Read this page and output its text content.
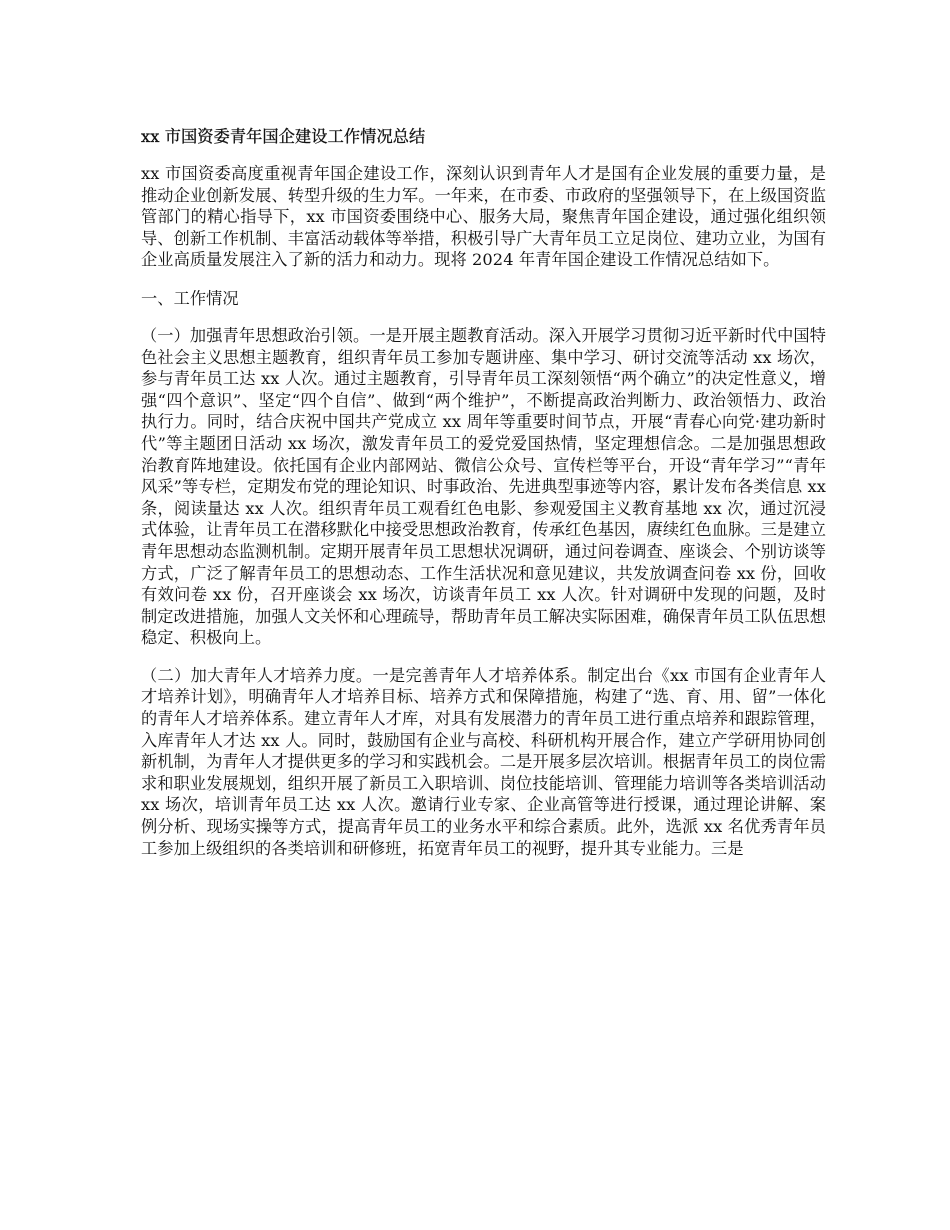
xx 市国资委青年国企建设工作情况总结

xx 市国资委高度重视青年国企建设工作，深刻认识到青年人才是国有企业发展的重要力量，是推动企业创新发展、转型升级的生力军。一年来，在市委、市政府的坚强领导下，在上级国资监管部门的精心指导下，xx 市国资委围绕中心、服务大局，聚焦青年国企建设，通过强化组织领导、创新工作机制、丰富活动载体等举措，积极引导广大青年员工立足岗位、建功立业，为国有企业高质量发展注入了新的活力和动力。现将 2024 年青年国企建设工作情况总结如下。

一、工作情况

（一）加强青年思想政治引领。一是开展主题教育活动。深入开展学习贯彻习近平新时代中国特色社会主义思想主题教育，组织青年员工参加专题讲座、集中学习、研讨交流等活动 xx 场次，参与青年员工达 xx 人次。通过主题教育，引导青年员工深刻领悟“两个确立”的决定性意义，增强“四个意识”、坚定“四个自信”、做到“两个维护”，不断提高政治判断力、政治领悟力、政治执行力。同时，结合庆祝中国共产党成立 xx 周年等重要时间节点，开展“青春心向党·建功新时代”等主题团日活动 xx 场次，激发青年员工的爱党爱国热情，坚定理想信念。二是加强思想政治教育阵地建设。依托国有企业内部网站、微信公众号、宣传栏等平台，开设“青年学习”“青年风采”等专栏，定期发布党的理论知识、时事政治、先进典型事迹等内容，累计发布各类信息 xx 条，阅读量达 xx 人次。组织青年员工观看红色电影、参观爱国主义教育基地 xx 次，通过沉浸式体验，让青年员工在潜移默化中接受思想政治教育，传承红色基因，赓续红色血脉。三是建立青年思想动态监测机制。定期开展青年员工思想状况调研，通过问卷调查、座谈会、个别访谈等方式，广泛了解青年员工的思想动态、工作生活状况和意见建议，共发放调查问卷 xx 份，回收有效问卷 xx 份，召开座谈会 xx 场次，访谈青年员工 xx 人次。针对调研中发现的问题，及时制定改进措施，加强人文关怀和心理疏导，帮助青年员工解决实际困难，确保青年员工队伍思想稳定、积极向上。

（二）加大青年人才培养力度。一是完善青年人才培养体系。制定出台《xx 市国有企业青年人才培养计划》，明确青年人才培养目标、培养方式和保障措施，构建了“选、育、用、留”一体化的青年人才培养体系。建立青年人才库，对具有发展潜力的青年员工进行重点培养和跟踪管理，入库青年人才达 xx 人。同时，鼓励国有企业与高校、科研机构开展合作，建立产学研用协同创新机制，为青年人才提供更多的学习和实践机会。二是开展多层次培训。根据青年员工的岗位需求和职业发展规划，组织开展了新员工入职培训、岗位技能培训、管理能力培训等各类培训活动 xx 场次，培训青年员工达 xx 人次。邀请行业专家、企业高管等进行授课，通过理论讲解、案例分析、现场实操等方式，提高青年员工的业务水平和综合素质。此外，选派 xx 名优秀青年员工参加上级组织的各类培训和研修班，拓宽青年员工的视野，提升其专业能力。三是
